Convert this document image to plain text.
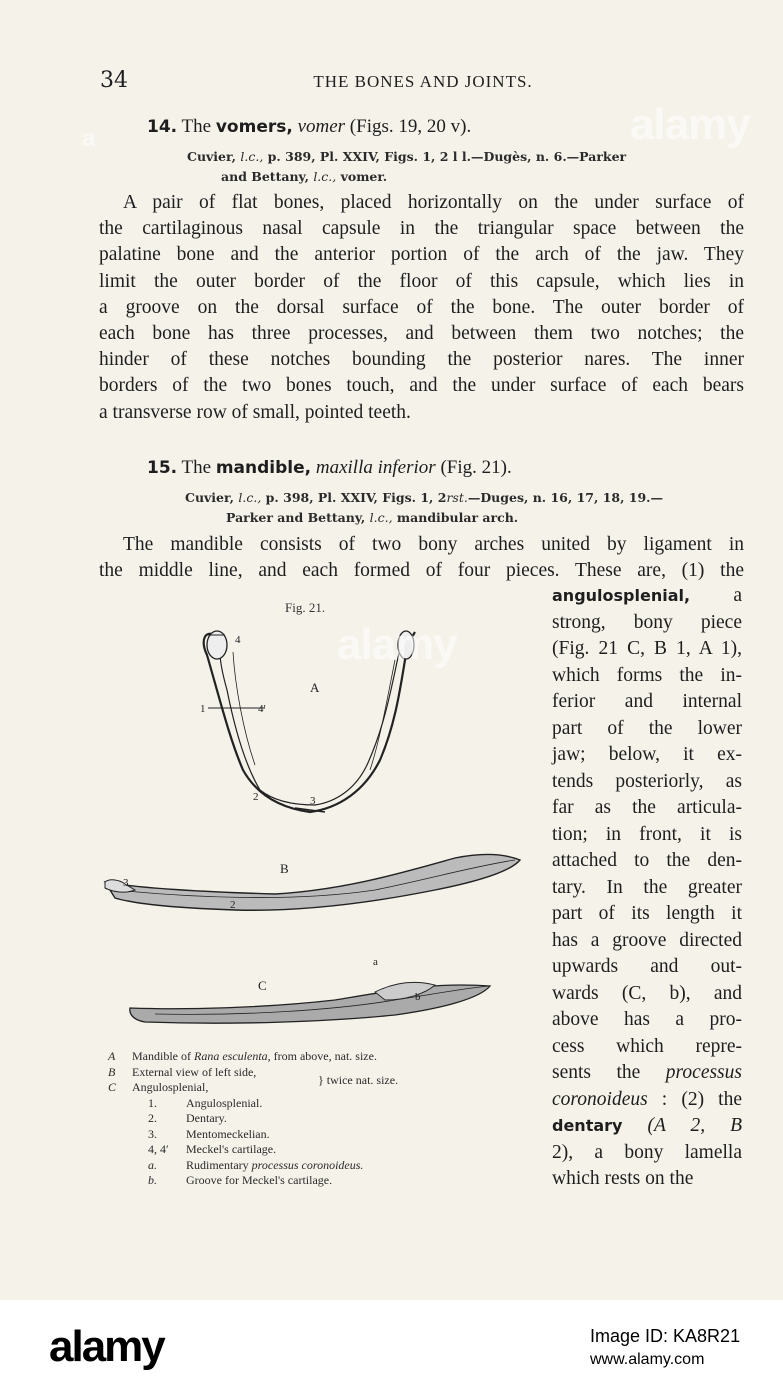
34	THE BONES AND JOINTS.
14. The vomers, vomer (Figs. 19, 20 v).
Cuvier, l.c., p. 389, Pl. XXIV, Figs. 1, 2 l l.—Dugès, n. 6.—Parker
and Bettany, l.c., vomer.
A pair of flat bones, placed horizontally on the under surface of
the cartilaginous nasal capsule in the triangular space between the
palatine bone and the anterior portion of the arch of the jaw. They
limit the outer border of the floor of this capsule, which lies in
a groove on the dorsal surface of the bone. The outer border of
each bone has three processes, and between them two notches; the
hinder of these notches bounding the posterior nares. The inner
borders of the two bones touch, and the under surface of each bears
a transverse row of small, pointed teeth.
15. The mandible, maxilla inferior (Fig. 21).
Cuvier, l.c., p. 398, Pl. XXIV, Figs. 1, 2rst.—Duges, n. 16, 17, 18, 19.—
Parker and Bettany, l.c., mandibular arch.
The mandible consists of two bony arches united by ligament in
the middle line, and each formed of four pieces. These are, (1) the
angulosplenial, a
strong, bony piece
(Fig. 21 C, B 1, A 1),
which forms the in-
ferior and internal
part of the lower
jaw; below, it ex-
tends posteriorly, as
far as the articula-
tion; in front, it is
attached to the den-
tary. In the greater
part of its length it
has a groove directed
upwards and out-
wards (C, b), and
above has a pro-
cess which repre-
sents the processus
coronoideus : (2) the
dentary (A 2, B
2), a bony lamella
which rests on the
Fig. 21.
A
1
4
4′
2	3
B
3
2
C
a
b
A	Mandible of Rana esculenta, from above, nat. size.
B	External view of left side,
C	Angulosplenial,	} twice nat. size.
1.	Angulosplenial.
2.	Dentary.
3.	Mentomeckelian.
4, 4′	Meckel's cartilage.
a.	Rudimentary processus coronoideus.
b.	Groove for Meckel's cartilage.
alamy
alamy
a
alamy	Image ID: KA8R21
www.alamy.com
